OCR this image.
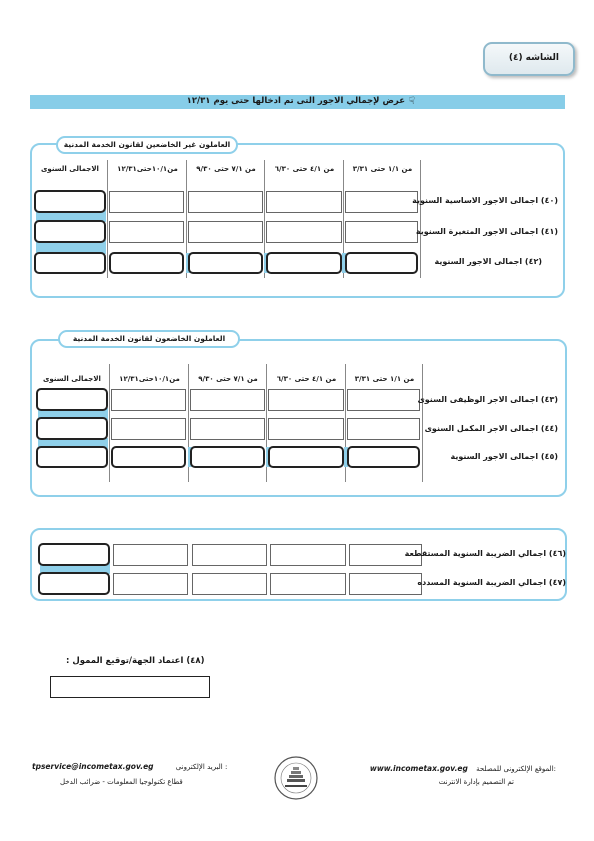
الشاشه (٤)
☟
عرض لإجمالي الاجور التى تم ادخالها حتى يوم ١٢/٣١
العاملون غير الخاضعين لقانون الخدمة المدنية
من ١/١ حتى ٣/٣١
من ٤/١ حتى ٦/٣٠
من ٧/١ حتى ٩/٣٠
من١٠/١حتى١٢/٣١
الاجمالى السنوى
(٤٠) اجمالى الاجور الاساسية السنوية
(٤١) اجمالى الاجور المتغيرة السنوية
(٤٢) اجمالى الاجور السنوية
العاملون الخاضعون لقانون الخدمة المدنية
من ١/١ حتى ٣/٣١
من ٤/١ حتى ٦/٣٠
من ٧/١ حتى ٩/٣٠
من١٠/١حتى١٢/٣١
الاجمالى السنوى
(٤٣) اجمالى الاجر الوظيفى السنوى
(٤٤) اجمالى الاجر المكمل السنوى
(٤٥) اجمالى الاجور السنوية
(٤٦) اجمالي الضريبة السنوية المستقطعة
(٤٧) اجمالي الضريبة السنوية المسدده
(٤٨) اعتماد الجهة/توقيع الممول :
tpservice@incometax.gov.eg	البريد الإلكترونى :
قطاع تكنولوجيا المعلومات - ضرائب الدخل
www.incometax.gov.eg الموقع الإلكترونى للمصلحة:
تم التصميم بإدارة الانترنت
